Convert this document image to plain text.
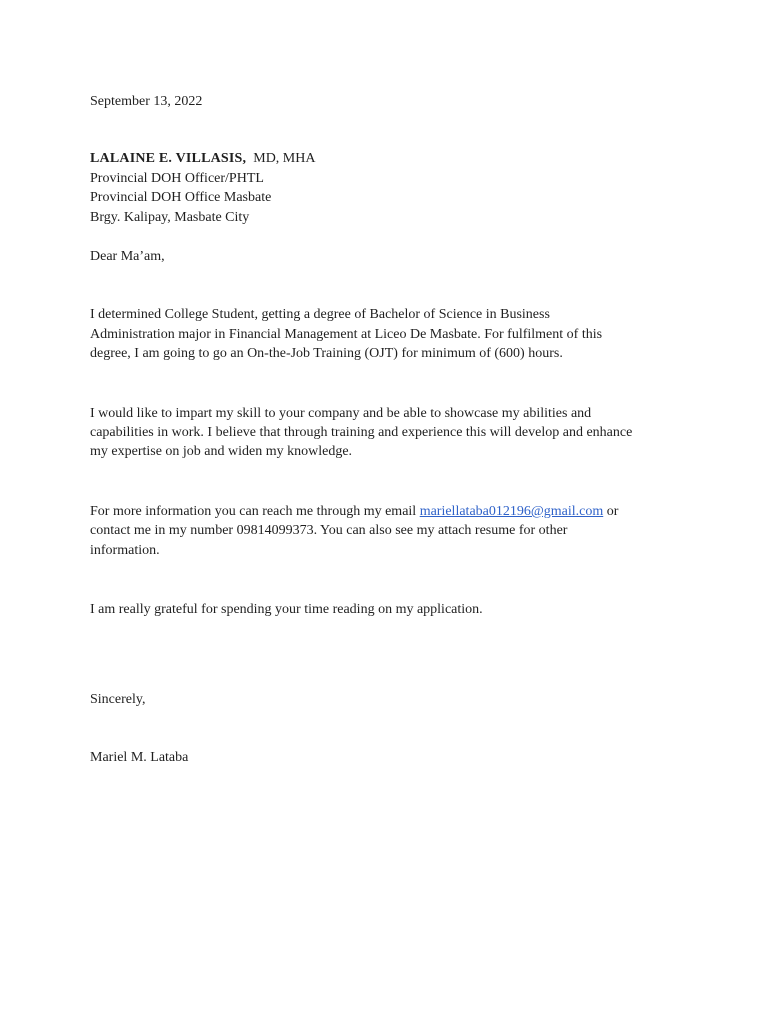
September 13, 2022
LALAINE E. VILLASIS, MD, MHA
Provincial DOH Officer/PHTL
Provincial DOH Office Masbate
Brgy. Kalipay, Masbate City
Dear Ma’am,
I determined College Student, getting a degree of Bachelor of Science in Business
Administration major in Financial Management at Liceo De Masbate. For fulfilment of this
degree, I am going to go an On-the-Job Training (OJT) for minimum of (600) hours.
I would like to impart my skill to your company and be able to showcase my abilities and
capabilities in work. I believe that through training and experience this will develop and enhance
my expertise on job and widen my knowledge.
For more information you can reach me through my email mariellataba012196@gmail.com or
contact me in my number 09814099373. You can also see my attach resume for other
information.
I am really grateful for spending your time reading on my application.
Sincerely,
Mariel M. Lataba
